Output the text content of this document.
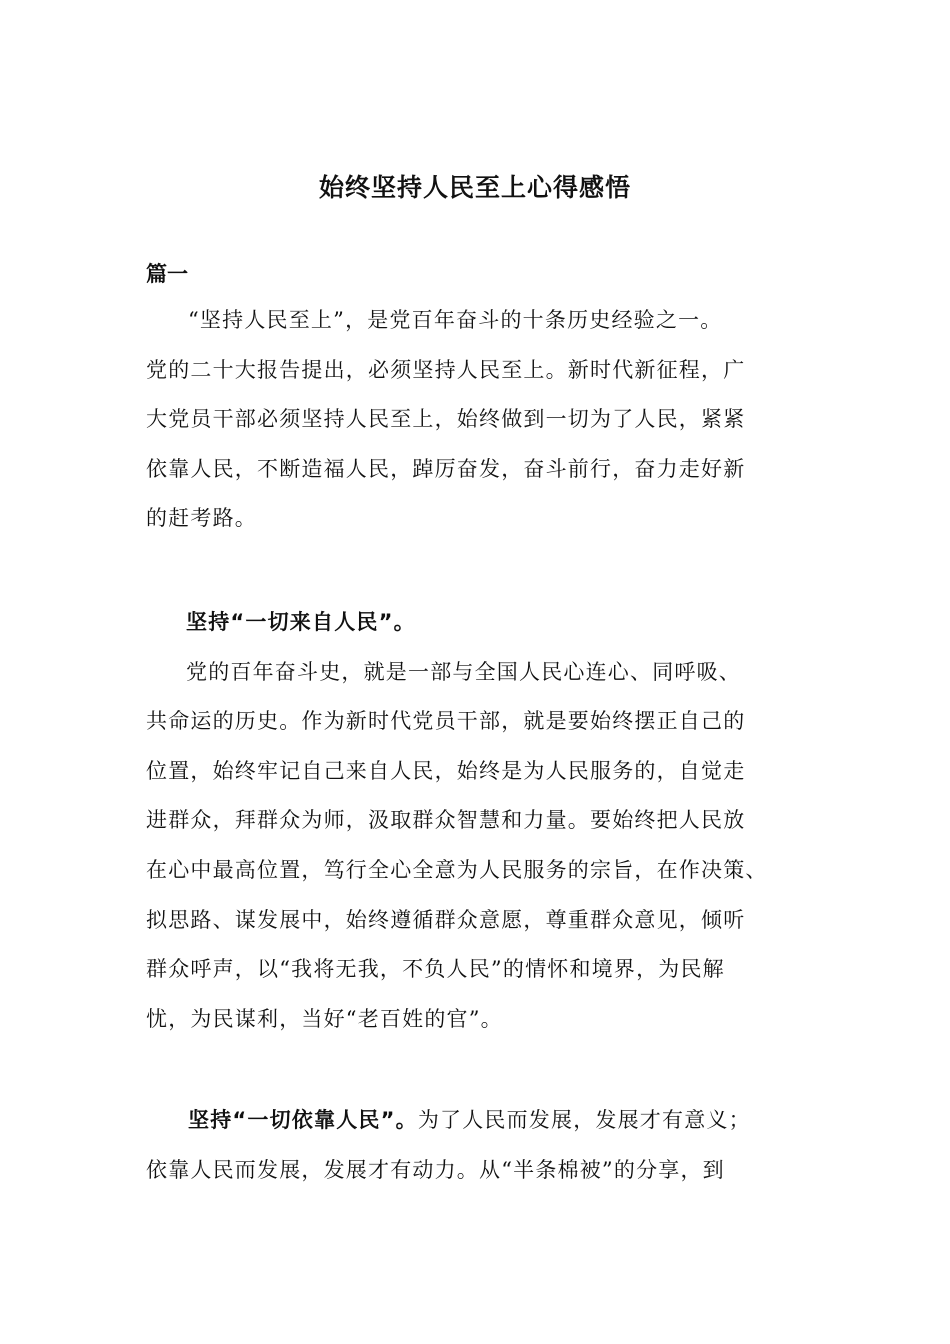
始终坚持人民至上心得感悟
篇一
“坚持人民至上”，是党百年奋斗的十条历史经验之一。
党的二十大报告提出，必须坚持人民至上。新时代新征程，广
大党员干部必须坚持人民至上，始终做到一切为了人民，紧紧
依靠人民，不断造福人民，踔厉奋发，奋斗前行，奋力走好新
的赶考路。
坚持“一切来自人民”。
党的百年奋斗史，就是一部与全国人民心连心、同呼吸、
共命运的历史。作为新时代党员干部，就是要始终摆正自己的
位置，始终牢记自己来自人民，始终是为人民服务的，自觉走
进群众，拜群众为师，汲取群众智慧和力量。要始终把人民放
在心中最高位置，笃行全心全意为人民服务的宗旨，在作决策、
拟思路、谋发展中，始终遵循群众意愿，尊重群众意见，倾听
群众呼声，以“我将无我，不负人民”的情怀和境界，为民解
忧，为民谋利，当好“老百姓的官”。
坚持“一切依靠人民”。为了人民而发展，发展才有意义；
依靠人民而发展，发展才有动力。从“半条棉被”的分享，到
